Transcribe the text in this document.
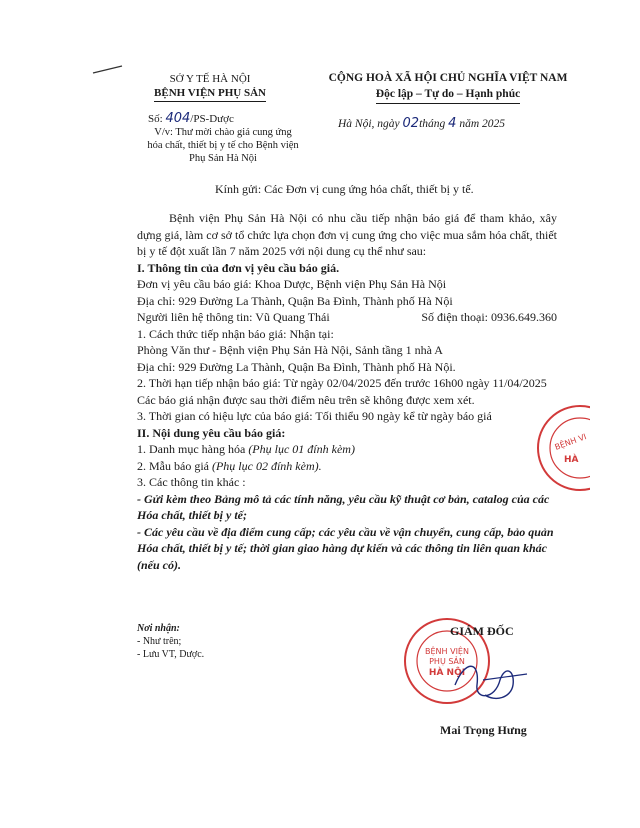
SỞ Y TẾ HÀ NỘI
BỆNH VIỆN PHỤ SẢN
Số: 404/PS-Dược
V/v: Thư mời chào giá cung ứng
hóa chất, thiết bị y tế cho Bệnh viện
Phụ Sản Hà Nội
CỘNG HOÀ XÃ HỘI CHỦ NGHĨA VIỆT NAM
Độc lập – Tự do – Hạnh phúc
Hà Nội, ngày 02tháng 4 năm 2025
Kính gửi: Các Đơn vị cung ứng hóa chất, thiết bị y tế.

Bệnh viện Phụ Sản Hà Nội có nhu cầu tiếp nhận báo giá để tham khảo, xây dựng giá, làm cơ sở tổ chức lựa chọn đơn vị cung ứng cho việc mua sắm hóa chất, thiết bị y tế đột xuất lần 7 năm 2025 với nội dung cụ thể như sau:

I. Thông tin của đơn vị yêu cầu báo giá.

Đơn vị yêu cầu báo giá: Khoa Dược, Bệnh viện Phụ Sản Hà Nội

Địa chỉ: 929 Đường La Thành, Quận Ba Đình, Thành phố Hà Nội

Người liên hệ thông tin: Vũ Quang Thái	Số điện thoại: 0936.649.360

1. Cách thức tiếp nhận báo giá: Nhận tại:

Phòng Văn thư - Bệnh viện Phụ Sản Hà Nội, Sảnh tầng 1 nhà A

Địa chỉ: 929 Đường La Thành, Quận Ba Đình, Thành phố Hà Nội.

2. Thời hạn tiếp nhận báo giá: Từ ngày 02/04/2025 đến trước 16h00 ngày 11/04/2025

Các báo giá nhận được sau thời điểm nêu trên sẽ không được xem xét.

3. Thời gian có hiệu lực của báo giá: Tối thiểu 90 ngày kể từ ngày báo giá

II. Nội dung yêu cầu báo giá:

1. Danh mục hàng hóa (Phụ lục 01 đính kèm)

2. Mẫu báo giá (Phụ lục 02 đính kèm).

3. Các thông tin khác :

- Gửi kèm theo Bảng mô tả các tính năng, yêu cầu kỹ thuật cơ bản, catalog của các Hóa chất, thiết bị y tế;

- Các yêu cầu về địa điểm cung cấp; các yêu cầu về vận chuyển, cung cấp, bảo quản Hóa chất, thiết bị y tế; thời gian giao hàng dự kiến và các thông tin liên quan khác (nếu có).

Nơi nhận:
- Như trên;
- Lưu VT, Dược.	BỆNH VIỆN
PHỤ SẢN
HÀ NỘI
BỆNH VI
HÀ
GIÁM ĐỐC
Mai Trọng Hưng
